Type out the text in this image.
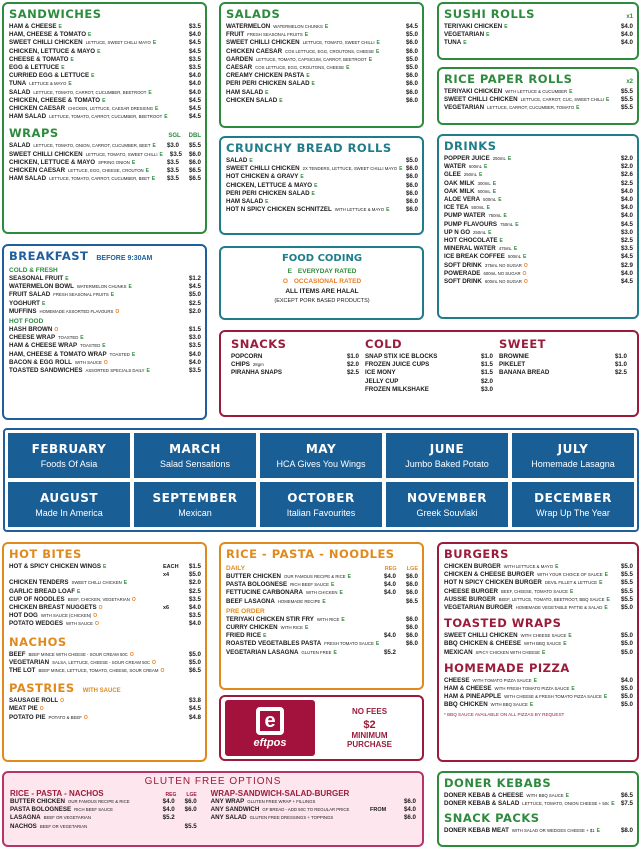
SANDWICHES
HAM & CHEESE E	$3.5
HAM, CHEESE & TOMATO E	$4.0
SWEET CHILLI CHICKEN LETTUCE, SWEET CHILLI MAYO E	$4.5
CHICKEN, LETTUCE & MAYO E	$4.5
CHEESE & TOMATO E	$3.5
EGG & LETTUCE E	$3.5
CURRIED EGG & LETTUCE E	$4.0
TUNA LETTUCE & MAYO E	$4.0
SALAD LETTUCE, TOMATO, CARROT, CUCUMBER, BEETROOT E	$4.0
CHICKEN, CHEESE & TOMATO E	$4.5
CHICKEN CAESAR CHICKEN, LETTUCE, CAESAR DRESSING E	$4.5
HAM SALAD LETTUCE, TOMATO, CARROT, CUCUMBER, BEETROOT E	$4.5
WRAPS	SGL DBL
SALAD LETTUCE, TOMATO, ONION, CARROT, CUCUMBER, BEET E	$3.0	$5.5
SWEET CHILLI CHICKEN LETTUCE, TOMATO, SWEET CHILLI E	$3.5	$6.0
CHICKEN, LETTUCE & MAYO SPRING ONION E	$3.5	$6.0
CHICKEN CAESAR LETTUCE, EGG, CHEESE, CROUTON E	$3.5	$6.5
HAM SALAD LETTUCE, TOMATO, CARROT, CUCUMBER, BEET E	$3.5	$6.5
SALADS
WATERMELON WATERMELON CHUNKS E	$4.5
FRUIT FRESH SEASONAL FRUITS E	$5.0
SWEET CHILLI CHICKEN LETTUCE, TOMATO, SWEET CHILLI E	$6.0
CHICKEN CAESAR COS LETTUCE, EGG, CROUTONS, CHEESE E	$6.0
GARDEN LETTUCE, TOMATO, CAPSICUM, CARROT, BEETROOT E	$5.0
CAESAR COS LETTUCE, EGG, CROUTONS, CHEESE E	$5.0
CREAMY CHICKEN PASTA E	$6.0
PERI PERI CHICKEN SALAD E	$6.0
HAM SALAD E	$6.0
CHICKEN SALAD E	$6.0
SUSHI ROLLS	x1
TERIYAKI CHICKEN E	$4.0
VEGETARIAN E	$4.0
TUNA E	$4.0
RICE PAPER ROLLS	x2
TERIYAKI CHICKEN WITH LETTUCE & CUCUMBER E	$5.5
SWEET CHILLI CHICKEN LETTUCE, CARROT, CUC, SWEET CHILLI E	$5.5
VEGETARIAN LETTUCE, CARROT, CUCUMBER, TOMATO E	$5.5
CRUNCHY BREAD ROLLS
SALAD E	$5.0
SWEET CHILLI CHICKEN 2X TENDERS, LETTUCE, SWEET CHILLI MAYO E $6.0
HOT CHICKEN & GRAVY E	$6.0
CHICKEN, LETTUCE & MAYO E	$6.0
PERI PERI CHICKEN SALAD E	$6.0
HAM SALAD E	$6.0
HOT N SPICY CHICKEN SCHNITZEL WITH LETTUCE & MAYO E	$6.0
DRINKS
POPPER JUICE 250mL E	$2.0
WATER 600mL E	$2.0
GLEE 250mL E	$2.6
OAK MILK 300mL E	$2.5
OAK MILK 500mL E	$4.0
ALOE VERA 500mL E	$4.0
ICE TEA 500mL E	$4.0
PUMP WATER 750mL E	$4.0
PUMP FLAVOURS 750mL E	$4.5
UP N GO 250mL E	$3.0
HOT CHOCOLATE E	$2.5
MINERAL WATER 475mL E	$3.5
ICE BREAK COFFEE 500mL E	$4.5
SOFT DRINK 375mL NO SUGAR O	$2.9
POWERADE 600mL NO SUGAR O	$4.0
SOFT DRINK 600mL NO SUGAR O	$4.5
BREAKFAST BEFORE 9:30AM
COLD & FRESH
SEASONAL FRUIT E	$1.2
WATERMELON BOWL WATERMELON CHUNKS E	$4.5
FRUIT SALAD FRESH SEASONAL FRUITS E	$5.0
YOGHURT E	$2.5
MUFFINS HOMEMADE ASSORTED FLAVOURS O	$2.0
HOT FOOD
HASH BROWN O	$1.5
CHEESE WRAP TOASTED E	$3.0
HAM & CHEESE WRAP TOASTED E	$3.5
HAM, CHEESE & TOMATO WRAP TOASTED E	$4.0
BACON & EGG ROLL WITH SAUCE O	$4.0
TOASTED SANDWICHES ASSORTED SPECIALS DAILY E	$3.5
FOOD CODING
E EVERYDAY RATED
O OCCASIONAL RATED
ALL ITEMS ARE HALAL
(EXCEPT PORK BASED PRODUCTS)
SNACKS
POPCORN	$1.0
CHIPS 28gm	$2.0
PIRANHA SNAPS	$2.5
COLD
SNAP STIX ICE BLOCKS	$1.0
FROZEN JUICE CUPS	$1.5
ICE MONY	$1.5
JELLY CUP	$2.0
FROZEN MILKSHAKE	$3.0
SWEET
BROWNIE	$1.0
PIKELET	$1.0
BANANA BREAD	$2.5
FEBRUARY
Foods Of Asia
MARCH
Salad Sensations
MAY
HCA Gives You Wings
JUNE
Jumbo Baked Potato
JULY
Homemade Lasagna
AUGUST
Made In America
SEPTEMBER
Mexican
OCTOBER
Italian Favourites
NOVEMBER
Greek Souvlaki
DECEMBER
Wrap Up The Year
HOT BITES
HOT & SPICY CHICKEN WINGS E	EACH	$1.5
x4	$5.0
CHICKEN TENDERS SWEET CHILLI CHICKEN E	$2.0
GARLIC BREAD LOAF E	$2.5
CUP OF NOODLES BEEF, CHICKEN, VEGETARIAN O	$3.5
CHICKEN BREAST NUGGETS O	x6	$4.0
HOT DOG WITH SAUCE (CHICKEN) O	$3.5
POTATO WEDGES WITH SAUCE O	$4.0
NACHOS
BEEF BEEF MINCE WITH CHEESE - SOUR CREAM 50C O	$5.0
VEGETARIAN SALSA, LETTUCE, CHEESE - SOUR CREAM 50C O	$5.0
THE LOT BEEF MINCE, LETTUCE, TOMATO, CHEESE, SOUR CREAM O	$6.5
PASTRIES WITH SAUCE
SAUSAGE ROLL O	$3.8
MEAT PIE O	$4.5
POTATO PIE POTATO & BEEF O	$4.8
RICE - PASTA - NOODLES
DAILY	REG LGE
BUTTER CHICKEN OUR FAMOUS RECIPE & RICE E	$4.0	$6.0
PASTA BOLOGNESE RICH BEEF SAUCE E	$4.0	$6.0
FETTUCINE CARBONARA WITH CHICKEN E	$4.0	$6.0
BEEF LASAGNA HOMEMADE RECIPE E	$6.5
PRE ORDER
TERIYAKI CHICKEN STIR FRY WITH RICE E	$6.0
CURRY CHICKEN WITH RICE E	$6.0
FRIED RICE E	$4.0	$6.0
ROASTED VEGETABLES PASTA FRESH TOMATO SAUCE E	$6.0
VEGETARIAN LASAGNA GLUTEN FREE E	$5.2
e
eftpos
NO FEES
$2
MINIMUM
PURCHASE
BURGERS
CHICKEN BURGER WITH LETTUCE & MAYO E	$5.0
CHICKEN & CHEESE BURGER WITH YOUR CHOICE OF SAUCE E	$5.5
HOT N SPICY CHICKEN BURGER DEVIL FILLET & LETTUCE E	$5.5
CHEESE BURGER BEEF, CHEESE, TOMATO SAUCE E	$5.5
AUSSIE BURGER BEEF, LETTUCE, TOMATO, BEETROOT, BBQ SAUCE E	$5.5
VEGETARIAN BURGER HOMEMADE VEGETABLE PATTIE & SALAD E	$5.0
TOASTED WRAPS
SWEET CHILLI CHICKEN WITH CHEESE SAUCE E	$5.0
BBQ CHICKEN & CHEESE WITH BBQ SAUCE E	$5.0
MEXICAN SPICY CHICKEN WITH CHEESE E	$5.0
HOMEMADE PIZZA
CHEESE WITH TOMATO PIZZA SAUCE E	$4.0
HAM & CHEESE WITH FRESH TOMATO PIZZA SAUCE E	$5.0
HAM & PINEAPPLE WITH CHEESE & FRESH TOMATO PIZZA SAUCE E	$5.0
BBQ CHICKEN WITH BBQ SAUCE E	$5.0
* BBQ SAUCE AVAILABLE ON ALL PIZZAS BY REQUEST
GLUTEN FREE OPTIONS
RICE - PASTA - NACHOS	REG LGE
BUTTER CHICKEN OUR FAMOUS RECIPE & RICE	$4.0	$6.0
PASTA BOLOGNESE RICH BEEF SAUCE	$4.0	$6.0
LASAGNA BEEF OR VEGETARIAN	$5.2
NACHOS BEEF OR VEGETARIAN	$5.5
WRAP-SANDWICH-SALAD-BURGER
ANY WRAP GLUTEN FREE WRAP + FILLINGS	$6.0
ANY SANDWICH GF BREAD - ADD 50C TO REGULAR PRICE	FROM	$4.0
ANY SALAD GLUTEN FREE DRESSINGS + TOPPINGS	$6.0
DONER KEBABS
DONER KEBAB & CHEESE WITH BBQ SAUCE E	$6.5
DONER KEBAB & SALAD LETTUCE, TOMATO, ONION CHEESE + 50c E	$7.5
SNACK PACKS
DONER KEBAB MEAT WITH SALAD OR WEDGES CHEESE + $1 E	$8.0
